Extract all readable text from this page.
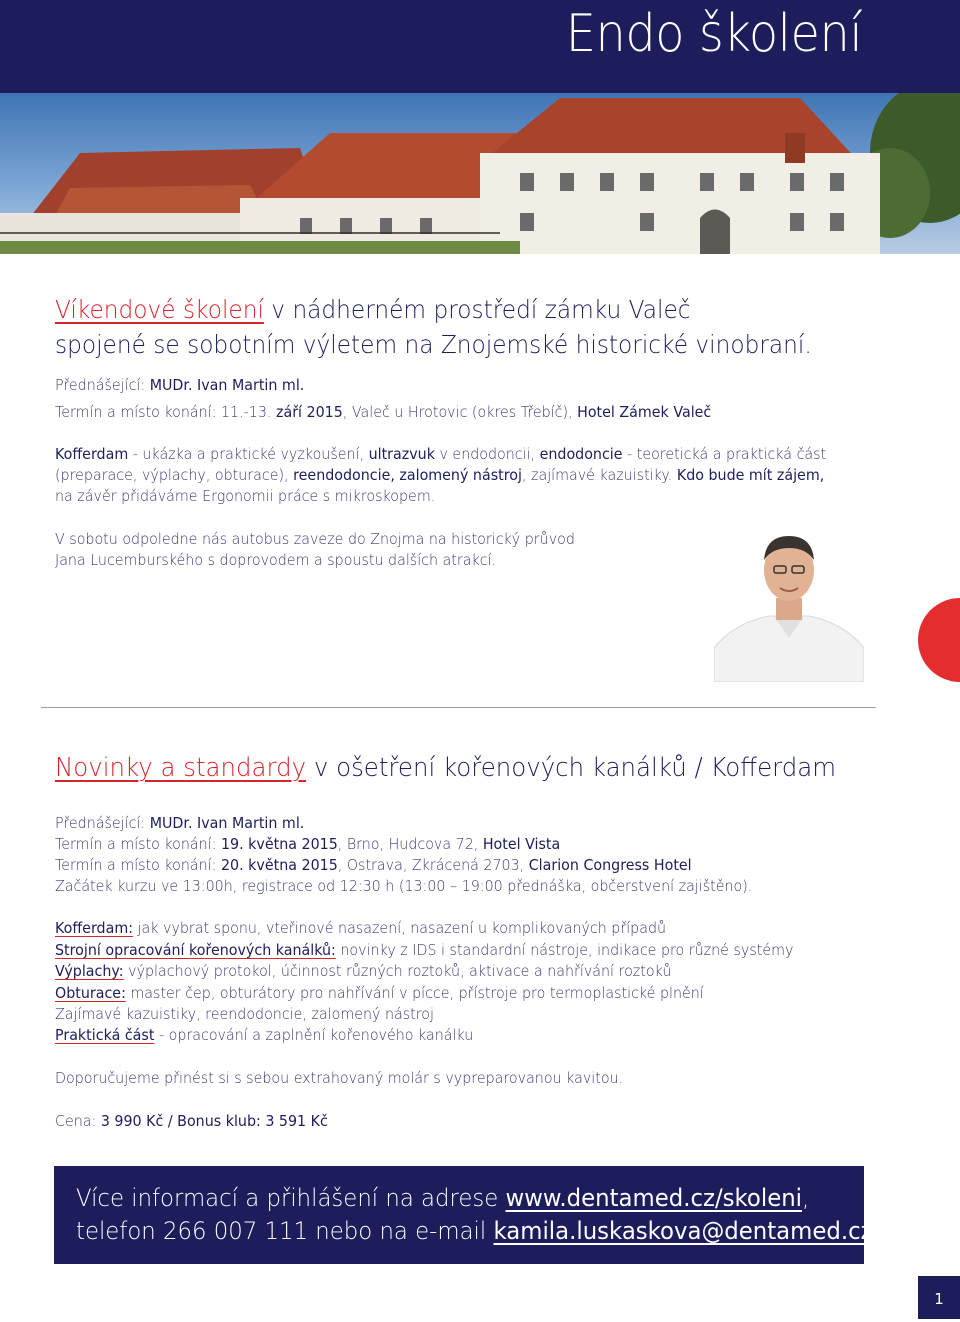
Endo školení
Víkendové školení v nádherném prostředí zámku Valeč
spojené se sobotním výletem na Znojemské historické vinobraní.
Přednášející: MUDr. Ivan Martin ml.
Termín a místo konání: 11.-13. září 2015, Valeč u Hrotovic (okres Třebíč), Hotel Zámek Valeč
Kofferdam - ukázka a praktické vyzkoušení, ultrazvuk v endodoncii, endodoncie - teoretická a praktická část
(preparace, výplachy, obturace), reendodoncie, zalomený nástroj, zajímavé kazuistiky. Kdo bude mít zájem,
na závěr přidáváme Ergonomii práce s mikroskopem.
V sobotu odpoledne nás autobus zaveze do Znojma na historický průvod
Jana Lucemburského s doprovodem a spoustu dalších atrakcí.
Novinky a standardy v ošetření kořenových kanálků / Kofferdam
Přednášející: MUDr. Ivan Martin ml.
Termín a místo konání: 19. května 2015, Brno, Hudcova 72, Hotel Vista
Termín a místo konání: 20. května 2015, Ostrava, Zkrácená 2703, Clarion Congress Hotel
Začátek kurzu ve 13:00h, registrace od 12:30 h (13:00 – 19:00 přednáška, občerstvení zajištěno).
Kofferdam: jak vybrat sponu, vteřinové nasazení, nasazení u komplikovaných případů
Strojní opracování kořenových kanálků: novinky z IDS i standardní nástroje, indikace pro různé systémy
Výplachy: výplachový protokol, účinnost různých roztoků, aktivace a nahřívání roztoků
Obturace: master čep, obturátory pro nahřívání v pícce, přístroje pro termoplastické plnění
Zajímavé kazuistiky, reendodoncie, zalomený nástroj
Praktická část - opracování a zaplnění kořenového kanálku
Doporučujeme přinést si s sebou extrahovaný molár s vypreparovanou kavitou.
Cena: 3 990 Kč / Bonus klub: 3 591 Kč
Více informací a přihlášení na adrese www.dentamed.cz/skoleni,
telefon 266 007 111 nebo na e-mail kamila.luskaskova@dentamed.cz.
1
